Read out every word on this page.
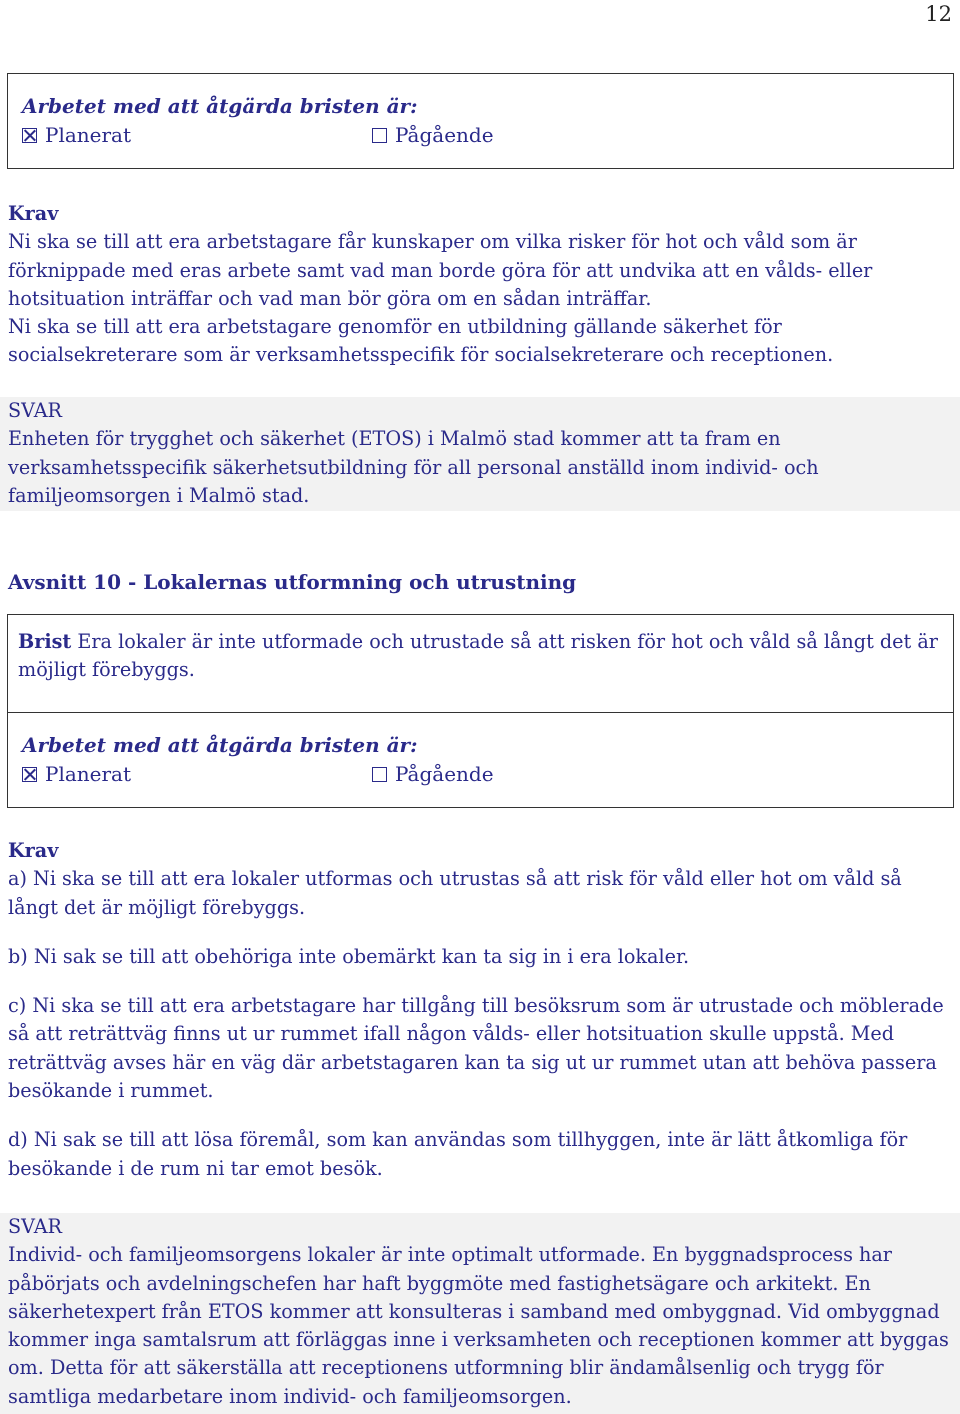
12
Arbetet med att åtgärda bristen är:
Planerat	Pågående
Krav

Ni ska se till att era arbetstagare får kunskaper om vilka risker för hot och våld som är förknippade med eras arbete samt vad man borde göra för att undvika att en vålds- eller hotsituation inträffar och vad man bör göra om en sådan inträffar.

Ni ska se till att era arbetstagare genomför en utbildning gällande säkerhet för socialsekreterare som är verksamhetsspecifik för socialsekreterare och receptionen.

SVAR
Enheten för trygghet och säkerhet (ETOS) i Malmö stad kommer att ta fram en verksamhetsspecifik säkerhetsutbildning för all personal anställd inom individ- och familjeomsorgen i Malmö stad.
Avsnitt 10 - Lokalernas utformning och utrustning
Brist Era lokaler är inte utformade och utrustade så att risken för hot och våld så långt det är möjligt förebyggs.
Arbetet med att åtgärda bristen är:
Planerat	Pågående
Krav

a) Ni ska se till att era lokaler utformas och utrustas så att risk för våld eller hot om våld så långt det är möjligt förebyggs.

b) Ni sak se till att obehöriga inte obemärkt kan ta sig in i era lokaler.

c) Ni ska se till att era arbetstagare har tillgång till besöksrum som är utrustade och möblerade så att reträttväg finns ut ur rummet ifall någon vålds- eller hotsituation skulle uppstå. Med reträttväg avses här en väg där arbetstagaren kan ta sig ut ur rummet utan att behöva passera besökande i rummet.

d) Ni sak se till att lösa föremål, som kan användas som tillhyggen, inte är lätt åtkomliga för besökande i de rum ni tar emot besök.

SVAR
Individ- och familjeomsorgens lokaler är inte optimalt utformade. En byggnadsprocess har påbörjats och avdelningschefen har haft byggmöte med fastighetsägare och arkitekt. En säkerhetexpert från ETOS kommer att konsulteras i samband med ombyggnad. Vid ombyggnad kommer inga samtalsrum att förläggas inne i verksamheten och receptionen kommer att byggas om. Detta för att säkerställa att receptionens utformning blir ändamålsenlig och trygg för samtliga medarbetare inom individ- och familjeomsorgen.
